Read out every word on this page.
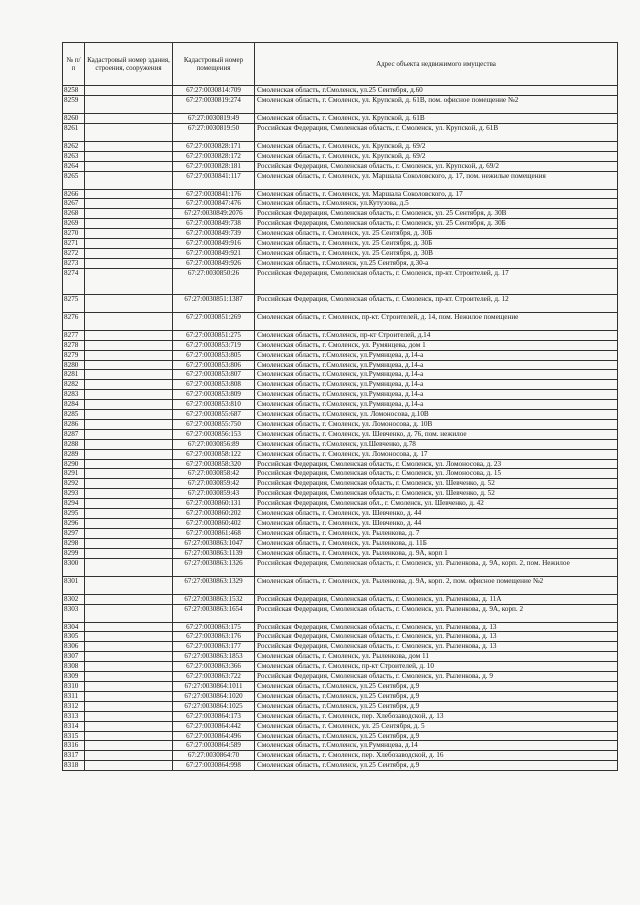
№ п/п	Кадастровый номер здания, строения, сооружения	Кадастровый номер помещения	Адрес объекта недвижимого имущества
8258		67:27:0030814:709	Смоленская область, г.Смоленск, ул.25 Сентября, д.60
8259		67:27:0030819:274	Смоленская область, г. Смоленск, ул. Крупской, д. 61В, пом. офисное помещение №2
8260		67:27:0030819:49	Смоленская область, г. Смоленск, ул. Крупской, д. 61В
8261		67:27:0030819:50	Российская Федерация, Смоленская область, г. Смоленск, ул. Крупской, д. 61В
8262		67:27:0030828:171	Смоленская область, г. Смоленск, ул. Крупской, д. 69/2
8263		67:27:0030828:172	Смоленская область, г. Смоленск, ул. Крупской, д. 69/2
8264		67:27:0030828:181	Российская Федерация, Смоленская область, г. Смоленск, ул. Крупской, д. 69/2
8265		67:27:0030841:117	Смоленская область, г. Смоленск, ул. Маршала Соколовского, д. 17, пом. нежилые помещения
8266		67:27:0030841:176	Смоленская область, г. Смоленск, ул. Маршала Соколовского, д. 17
8267		67:27:0030847:476	Смоленская область, г.Смоленск, ул.Кутузова, д.5
8268		67:27:0030849:2076	Российская Федерация, Смоленская область, г. Смоленск, ул. 25 Сентября, д. 30В
8269		67:27:0030849:738	Российская Федерация, Смоленская область, г. Смоленск, ул. 25 Сентября, д. 30Б
8270		67:27:0030849:739	Смоленская область, г. Смоленск, ул. 25 Сентября, д. 30Б
8271		67:27:0030849:916	Смоленская область, г. Смоленск, ул. 25 Сентября, д. 30Б
8272		67:27:0030849:921	Смоленская область, г. Смоленск, ул. 25 Сентября, д. 30В
8273		67:27:0030849:926	Смоленская область, г.Смоленск, ул.25 Сентября, д.30-а
8274		67:27:0030850:26	Российская Федерация, Смоленская область, г. Смоленск, пр-кт. Строителей, д. 17
8275		67:27:0030851:1387	Российская Федерация, Смоленская область, г. Смоленск, пр-кт. Строителей, д. 12
8276		67:27:0030851:269	Смоленская область, г. Смоленск, пр-кт. Строителей, д. 14, пом. Нежилое помещение
8277		67:27:0030851:275	Смоленская область, г.Смоленск, пр-кт Строителей, д.14
8278		67:27:0030853:719	Смоленская область, г. Смоленск, ул. Румянцева, дом 1
8279		67:27:0030853:805	Смоленская область, г.Смоленск, ул.Румянцева, д.14-а
8280		67:27:0030853:806	Смоленская область, г.Смоленск, ул.Румянцева, д.14-а
8281		67:27:0030853:807	Смоленская область, г.Смоленск, ул.Румянцева, д.14-а
8282		67:27:0030853:808	Смоленская область, г.Смоленск, ул.Румянцева, д.14-а
8283		67:27:0030853:809	Смоленская область, г.Смоленск, ул.Румянцева, д.14-а
8284		67:27:0030853:810	Смоленская область, г.Смоленск, ул.Румянцева, д.14-а
8285		67:27:0030855:687	Смоленская область, г.Смоленск, ул. Ломоносова, д.10В
8286		67:27:0030855:750	Смоленская область, г. Смоленск, ул. Ломоносова, д. 10В
8287		67:27:0030856:153	Смоленская область, г. Смоленск, ул. Шевченко, д. 76, пом. нежилое
8288		67:27:0030856:89	Смоленская область, г.Смоленск, ул.Шевченко, д.78
8289		67:27:0030858:122	Смоленская область, г. Смоленск, ул. Ломоносова, д. 17
8290		67:27:0030858:320	Российская Федерация, Смоленская область, г. Смоленск, ул. Ломоносова, д. 23
8291		67:27:0030858:42	Российская Федерация, Смоленская область, г. Смоленск, ул. Ломоносова, д. 15
8292		67:27:0030859:42	Российская Федерация, Смоленская область, г. Смоленск, ул. Шевченко, д. 52
8293		67:27:0030859:43	Российская Федерация, Смоленская область, г. Смоленск, ул. Шевченко, д. 52
8294		67:27:0030860:131	Российская Федерация, Смоленская обл., г. Смоленск, ул. Шевченко, д. 42
8295		67:27:0030860:202	Смоленская область, г. Смоленск, ул. Шевченко, д. 44
8296		67:27:0030860:402	Смоленская область, г. Смоленск, ул. Шевченко, д. 44
8297		67:27:0030861:468	Смоленская область, г. Смоленск, ул. Рыленкова, д. 7
8298		67:27:0030863:1047	Смоленская область, г. Смоленск, ул. Рыленкова, д. 11Б
8299		67:27:0030863:1139	Смоленская область, г. Смоленск, ул. Рыленкова, д. 9А, корп 1
8300		67:27:0030863:1326	Российская Федерация, Смоленская область, г. Смоленск, ул. Рыленкова, д. 9А, корп. 2, пом. Нежилое
8301		67:27:0030863:1329	Смоленская область, г. Смоленск, ул. Рыленкова, д. 9А, корп. 2, пом. офисное помещение №2
8302		67:27:0030863:1532	Российская Федерация, Смоленская область, г. Смоленск, ул. Рыленкова, д. 11А
8303		67:27:0030863:1654	Российская Федерация, Смоленская область, г. Смоленск, ул. Рыленкова, д. 9А, корп. 2
8304		67:27:0030863:175	Российская Федерация, Смоленская область, г. Смоленск, ул. Рыленкова, д. 13
8305		67:27:0030863:176	Российская Федерация, Смоленская область, г. Смоленск, ул. Рыленкова, д. 13
8306		67:27:0030863:177	Российская Федерация, Смоленская область, г. Смоленск, ул. Рыленкова, д. 13
8307		67:27:0030863:1853	Смоленская область, г. Смоленск, ул. Рыленкова, дом 11
8308		67:27:0030863:366	Смоленская область, г. Смоленск, пр-кт Строителей, д. 10
8309		67:27:0030863:722	Российская Федерация, Смоленская область, г. Смоленск, ул. Рыленкова, д. 9
8310		67:27:0030864:1011	Смоленская область, г.Смоленск, ул.25 Сентября, д.9
8311		67:27:0030864:1020	Смоленская область, г.Смоленск, ул.25 Сентября, д.9
8312		67:27:0030864:1025	Смоленская область, г.Смоленск, ул.25 Сентября, д.9
8313		67:27:0030864:173	Смоленская область, г. Смоленск, пер. Хлебозаводской, д. 13
8314		67:27:0030864:442	Смоленская область, г. Смоленск, ул. 25 Сентября, д. 5
8315		67:27:0030864:496	Смоленская область, г.Смоленск, ул.25 Сентября, д.9
8316		67:27:0030864:589	Смоленская область, г.Смоленск, ул.Румянцева, д.14
8317		67:27:0030864:70	Смоленская область, г. Смоленск, пер. Хлебозаводской, д. 16
8318		67:27:0030864:998	Смоленская область, г.Смоленск, ул.25 Сентября, д.9
